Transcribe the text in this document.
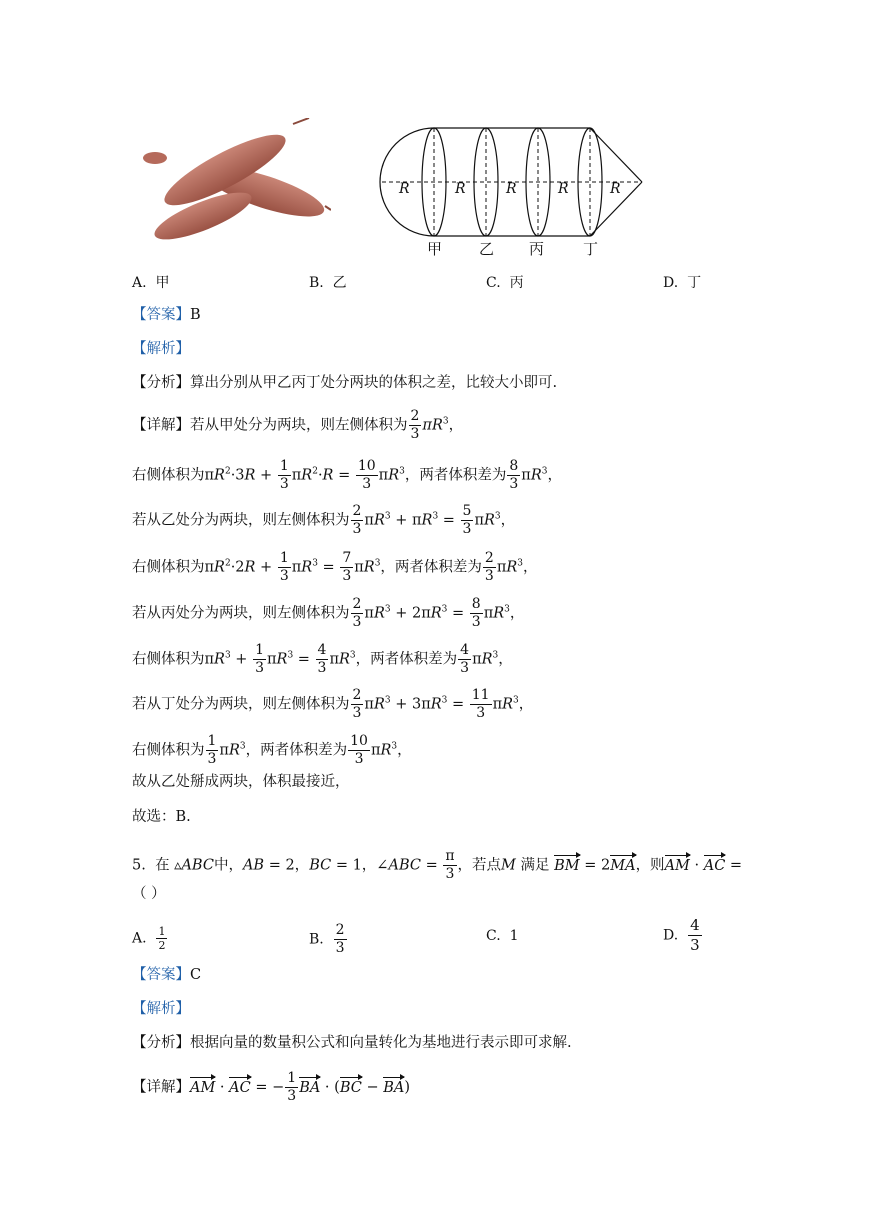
R	R	R	R	R
甲 乙 丙	丁
A. 甲	B. 乙	C. 丙	D. 丁
【答案】B
【解析】
【分析】算出分别从甲乙丙丁处分两块的体积之差，比较大小即可.
【详解】若从甲处分为两块，则左侧体积为 $\frac{2}{3} \pi R^3$，
右侧体积为$\pi R^2\cdot 3R + \frac{1}{3} \pi R^2\cdot R = \frac{10}{3} \pi R^3$，两者体积差为 $\frac{8}{3} \pi R^3$，
若从乙处分为两块，则左侧体积为 $\frac{2}{3} \pi R^3 + \pi R^3 = \frac{5}{3} \pi R^3$，
右侧体积为$\pi R^2\cdot 2R + \frac{1}{3} \pi R^3 = \frac{7}{3} \pi R^3$，两者体积差为 $\frac{2}{3} \pi R^3$，
若从丙处分为两块，则左侧体积为 $\frac{2}{3} \pi R^3 + 2\pi R^3 = \frac{8}{3} \pi R^3$，
右侧体积为$\pi R^3 + \frac{1}{3} \pi R^3 = \frac{4}{3} \pi R^3$，两者体积差为 $\frac{4}{3} \pi R^3$，
若从丁处分为两块，则左侧体积为 $\frac{2}{3} \pi R^3 + 3\pi R^3 = \frac{11}{3} \pi R^3$，
右侧体积为 $\frac{1}{3} \pi R^3$，两者体积差为 $\frac{10}{3} \pi R^3$，
故从乙处掰成两块，体积最接近，
故选：B.
5. 在 ▵ABC中，AB = 2，BC = 1，∠ABC = $\frac{\pi}{3}$ ，若点M 满足 BM = 2MA，则AM · AC =
（ ）
A. $\frac{1}{2}$	B. $\frac{2}{3}$	C. 1	D. $\frac{4}{3}$
【答案】C
【解析】
【分析】根据向量的数量积公式和向量转化为基地进行表示即可求解.
【详解】AM · AC = − $\frac{1}{3}$ BA · (BC − BA)
